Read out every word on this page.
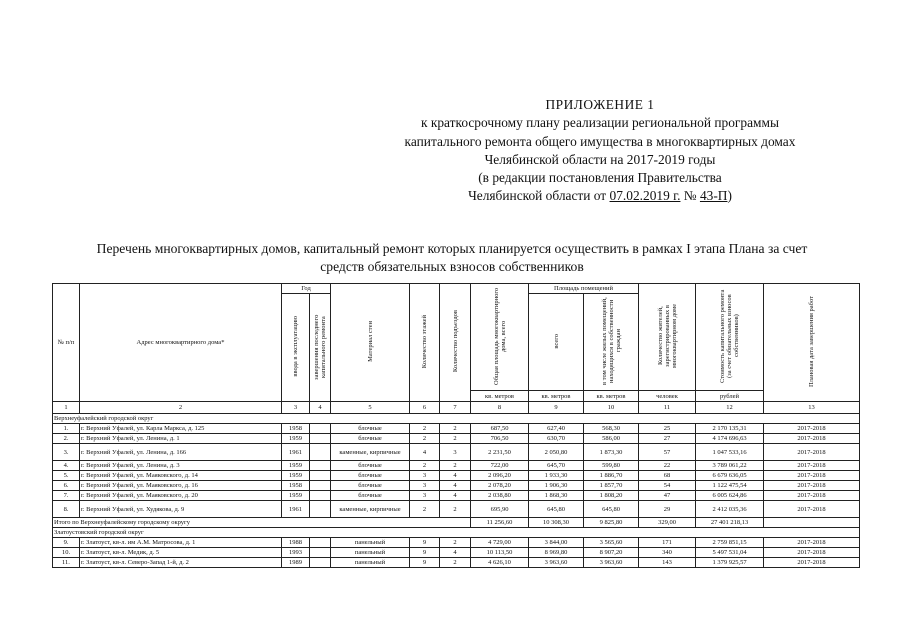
ПРИЛОЖЕНИЕ 1
к краткосрочному плану реализации региональной программы
капитального ремонта общего имущества в многоквартирных домах
Челябинской области на 2017-2019 годы
(в редакции постановления Правительства
Челябинской области от 07.02.2019 г. № 43-П)
Перечень многоквартирных домов, капитальный ремонт которых планируется осуществить в рамках I этапа Плана за счет
средств обязательных взносов собственников
№ п/п	Адрес многоквартирного дома*	Год		Материал стен	Количество этажей	Количество подъездов	Общая площадь многоквартирного дома, всего	Площадь помещений		Количество жителей, зарегистрированных в многоквартирном доме	Стоимость капитального ремонта (за счет обязательных взносов собственников)	Плановая дата завершения работ
		ввода в эксплуатацию	завершения последнего капитального ремонта					всего	в том числе жилых помещений, находящихся в собственности граждан			
							кв. метров	кв. метров	кв. метров	человек	рублей	
1	2	3	4	5	6	7	8	9	10	11	12	13
Верхнеуфалейский городской округ												
1.	г. Верхний Уфалей, ул. Карла Маркса, д. 125	1958		блочные	2	2	687,50	627,40	568,30	25	2 170 135,31	2017-2018
2.	г. Верхний Уфалей, ул. Ленина, д. 1	1959		блочные	2	2	706,50	630,70	586,00	27	4 174 696,63	2017-2018
3.	г. Верхний Уфалей, ул. Ленина, д. 166	1961		каменные, кирпичные	4	3	2 231,50	2 050,80	1 873,30	57	1 047 533,16	2017-2018
4.	г. Верхний Уфалей, ул. Ленина, д. 3	1959		блочные	2	2	722,00	645,70	599,80	22	3 789 061,22	2017-2018
5.	г. Верхний Уфалей, ул. Маяковского, д. 14	1959		блочные	3	4	2 096,20	1 933,30	1 886,70	68	6 679 636,05	2017-2018
6.	г. Верхний Уфалей, ул. Маяковского, д. 16	1958		блочные	3	4	2 078,20	1 906,30	1 857,70	54	1 122 475,54	2017-2018
7.	г. Верхний Уфалей, ул. Маяковского, д. 20	1959		блочные	3	4	2 038,80	1 868,30	1 808,20	47	6 005 624,86	2017-2018
8.	г. Верхний Уфалей, ул. Худякова, д. 9	1961		каменные, кирпичные	2	2	695,90	645,80	645,80	29	2 412 035,36	2017-2018
Итого по Верхнеуфалейскому городскому округу							11 256,60	10 308,30	9 825,80	329,00	27 401 218,13	
Златоустовский городской округ												
9.	г. Златоуст, кв-л. им А.М. Матросова, д. 1	1988		панельный	9	2	4 729,00	3 844,00	3 565,60	171	2 759 851,15	2017-2018
10.	г. Златоуст, кв-л. Медик, д. 5	1993		панельный	9	4	10 113,50	8 969,80	8 907,20	340	5 497 531,04	2017-2018
11.	г. Златоуст, кв-л. Северо-Запад 1-й, д. 2	1989		панельный	9	2	4 626,10	3 963,60	3 963,60	143	1 379 925,57	2017-2018
